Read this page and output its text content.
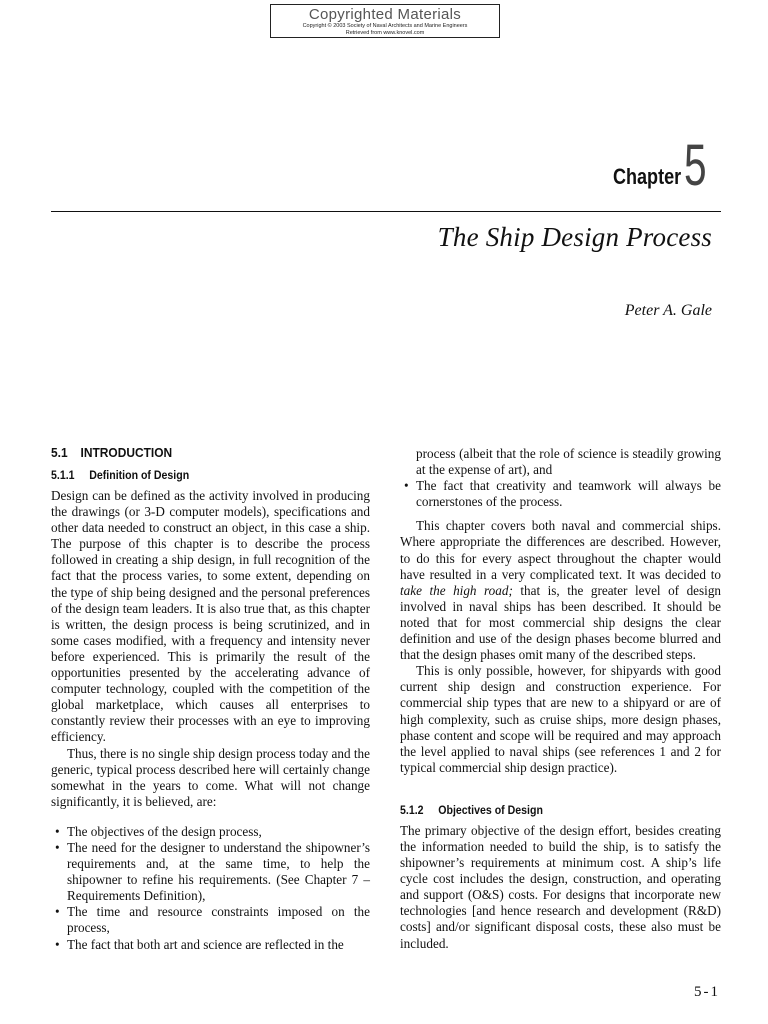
Copyrighted Materials
Copyright © 2003 Society of Naval Architects and Marine Engineers
Retrieved from www.knovel.com
Chapter 5
The Ship Design Process
Peter A. Gale
5.1 INTRODUCTION
5.1.1 Definition of Design

Design can be defined as the activity involved in producing the drawings (or 3-D computer models), specifications and other data needed to construct an object, in this case a ship. The purpose of this chapter is to describe the process followed in creating a ship design, in full recognition of the fact that the process varies, to some extent, depending on the type of ship being designed and the personal preferences of the design team leaders. It is also true that, as this chapter is written, the design process is being scrutinized, and in some cases modified, with a frequency and intensity never before experienced. This is primarily the result of the opportunities presented by the accelerating advance of computer technology, coupled with the competition of the global marketplace, which causes all enterprises to constantly review their processes with an eye to improving efficiency.

Thus, there is no single ship design process today and the generic, typical process described here will certainly change somewhat in the years to come. What will not change significantly, it is believed, are:

• The objectives of the design process,
• The need for the designer to understand the shipowner’s requirements and, at the same time, to help the shipowner to refine his requirements. (See Chapter 7 – Requirements Definition),
• The time and resource constraints imposed on the process,
• The fact that both art and science are reflected in the

process (albeit that the role of science is steadily growing at the expense of art), and

• The fact that creativity and teamwork will always be cornerstones of the process.

This chapter covers both naval and commercial ships. Where appropriate the differences are described. However, to do this for every aspect throughout the chapter would have resulted in a very complicated text. It was decided to take the high road; that is, the greater level of design involved in naval ships has been described. It should be noted that for most commercial ship designs the clear definition and use of the design phases become blurred and that the design phases omit many of the described steps.

This is only possible, however, for shipyards with good current ship design and construction experience. For commercial ship types that are new to a shipyard or are of high complexity, such as cruise ships, more design phases, phase content and scope will be required and may approach the level applied to naval ships (see references 1 and 2 for typical commercial ship design practice).

5.1.2 Objectives of Design

The primary objective of the design effort, besides creating the information needed to build the ship, is to satisfy the shipowner’s requirements at minimum cost. A ship’s life cycle cost includes the design, construction, and operating and support (O&S) costs. For designs that incorporate new technologies [and hence research and development (R&D) costs] and/or significant disposal costs, these also must be included.

5-1
